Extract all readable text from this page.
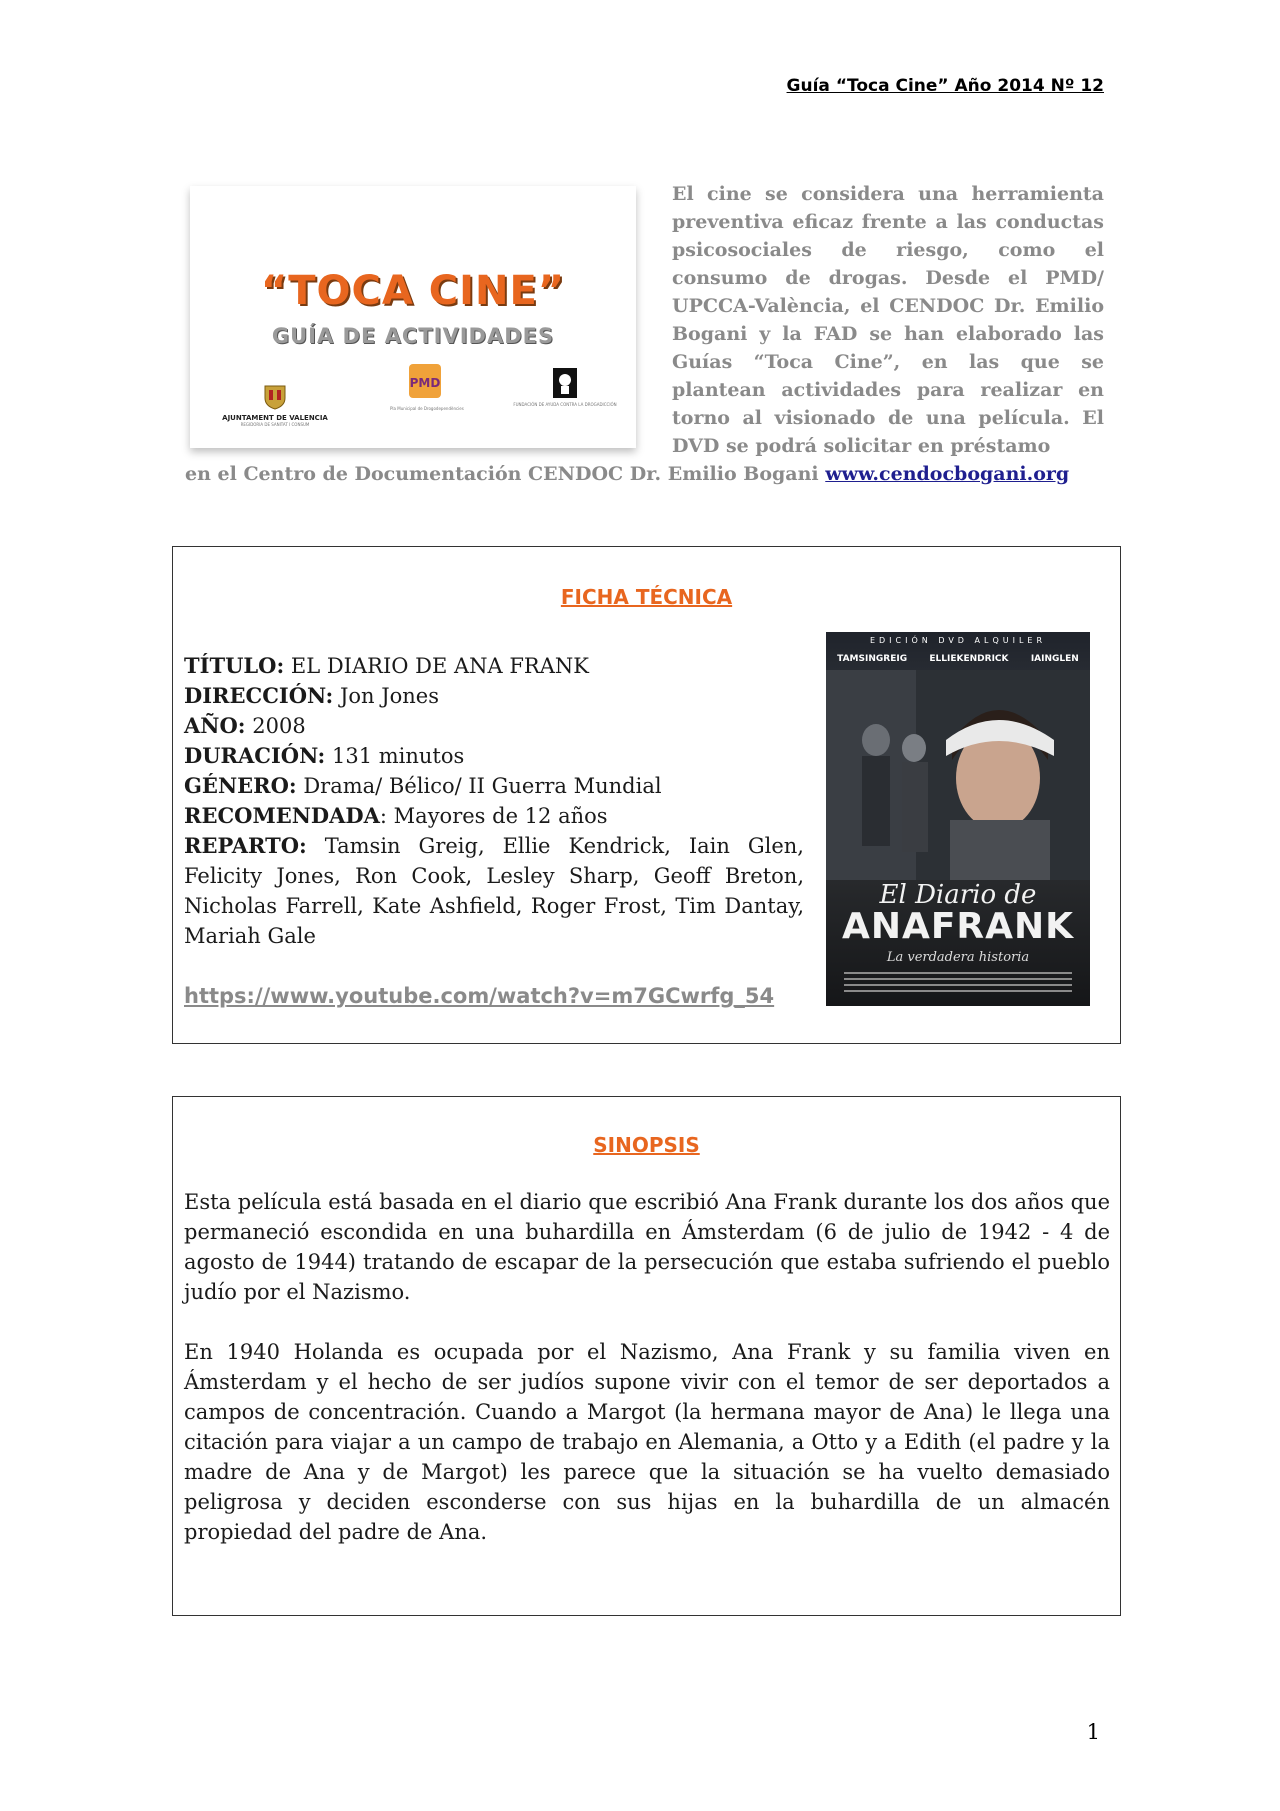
Guía “Toca Cine” Año 2014 Nº 12
“TOCA CINE”
GUÍA DE ACTIVIDADES
AJUNTAMENT DE VALENCIA
REGIDORIA DE SANITAT I CONSUM
PMD
Pla Municipal de Drogodependències
FUNDACIÓN DE AYUDA CONTRA LA DROGADICCIÓN

El cine se considera una herramienta preventiva eficaz frente a las conductas psicosociales de riesgo, como el consumo de drogas. Desde el PMD/ UPCCA-València, el CENDOC Dr. Emilio Bogani y la FAD se han elaborado las Guías “Toca Cine”, en las que se plantean actividades para realizar en torno al visionado de una película. El DVD se podrá solicitar en préstamo

en el Centro de Documentación CENDOC Dr. Emilio Bogani www.cendocbogani.org

FICHA TÉCNICA
TÍTULO: EL DIARIO DE ANA FRANK
DIRECCIÓN: Jon Jones
AÑO: 2008
DURACIÓN: 131 minutos
GÉNERO: Drama/ Bélico/ II Guerra Mundial
RECOMENDADA: Mayores de 12 años
REPARTO: Tamsin Greig, Ellie Kendrick, Iain Glen, Felicity Jones, Ron Cook, Lesley Sharp, Geoff Breton, Nicholas Farrell, Kate Ashfield, Roger Frost, Tim Dantay, Mariah Gale
https://www.youtube.com/watch?v=m7GCwrfg_54
EDICIÓN DVD ALQUILER
TAMSINGREIG ELLIEKENDRICK IAINGLEN
El Diario de
ANAFRANK
La verdadera historia
SINOPSIS

Esta película está basada en el diario que escribió Ana Frank durante los dos años que permaneció escondida en una buhardilla en Ámsterdam (6 de julio de 1942 - 4 de agosto de 1944) tratando de escapar de la persecución que estaba sufriendo el pueblo judío por el Nazismo.

En 1940 Holanda es ocupada por el Nazismo, Ana Frank y su familia viven en Ámsterdam y el hecho de ser judíos supone vivir con el temor de ser deportados a campos de concentración. Cuando a Margot (la hermana mayor de Ana) le llega una citación para viajar a un campo de trabajo en Alemania, a Otto y a Edith (el padre y la madre de Ana y de Margot) les parece que la situación se ha vuelto demasiado peligrosa y deciden esconderse con sus hijas en la buhardilla de un almacén propiedad del padre de Ana.

1
